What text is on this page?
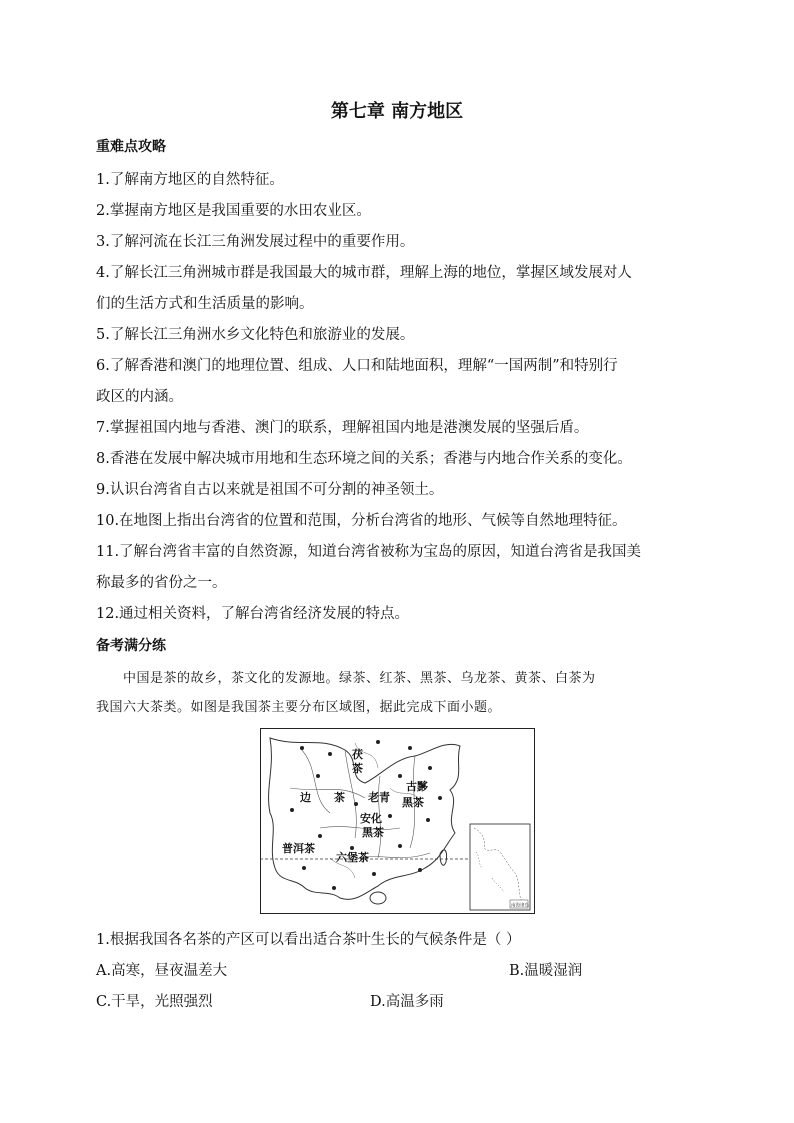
第七章 南方地区
重难点攻略
1.了解南方地区的自然特征。
2.掌握南方地区是我国重要的水田农业区。
3.了解河流在长江三角洲发展过程中的重要作用。
4.了解长江三角洲城市群是我国最大的城市群，理解上海的地位，掌握区域发展对人
们的生活方式和生活质量的影响。
5.了解长江三角洲水乡文化特色和旅游业的发展。
6.了解香港和澳门的地理位置、组成、人口和陆地面积，理解“一国两制”和特别行
政区的内涵。
7.掌握祖国内地与香港、澳门的联系，理解祖国内地是港澳发展的坚强后盾。
8.香港在发展中解决城市用地和生态环境之间的关系；香港与内地合作关系的变化。
9.认识台湾省自古以来就是祖国不可分割的神圣领土。
10.在地图上指出台湾省的位置和范围，分析台湾省的地形、气候等自然地理特征。
11.了解台湾省丰富的自然资源，知道台湾省被称为宝岛的原因，知道台湾省是我国美
称最多的省份之一。
12.通过相关资料，了解台湾省经济发展的特点。
备考满分练
中国是茶的故乡，茶文化的发源地。绿茶、红茶、黑茶、乌龙茶、黄茶、白茶为
我国六大茶类。如图是我国茶主要分布区域图，据此完成下面小题。
茯
茶
边 茶 老青
古黟
黑茶
安化
黑茶
普洱茶
六堡茶
南海诸岛
1.根据我国各名茶的产区可以看出适合茶叶生长的气候条件是（ ）
A.高寒，昼夜温差大	B.温暖湿润
C.干旱，光照强烈	D.高温多雨
